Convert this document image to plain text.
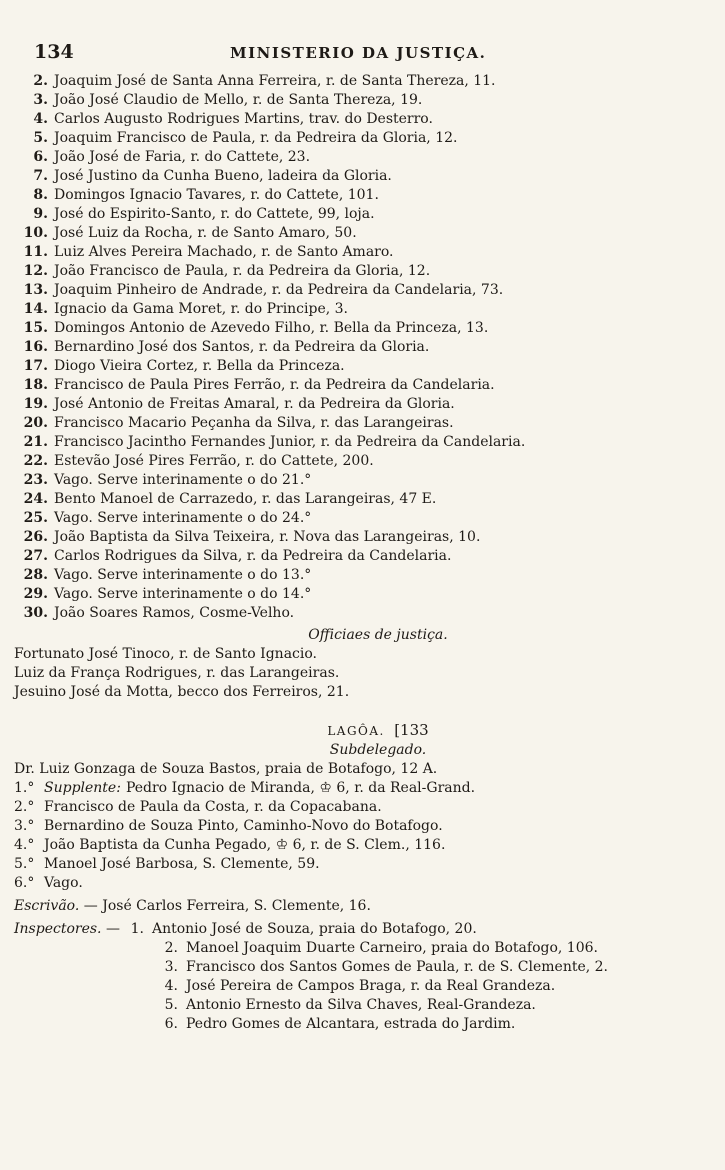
134	MINISTERIO DA JUSTIÇA.
2. Joaquim José de Santa Anna Ferreira, r. de Santa Thereza, 11.
3. João José Claudio de Mello, r. de Santa Thereza, 19.
4. Carlos Augusto Rodrigues Martins, trav. do Desterro.
5. Joaquim Francisco de Paula, r. da Pedreira da Gloria, 12.
6. João José de Faria, r. do Cattete, 23.
7. José Justino da Cunha Bueno, ladeira da Gloria.
8. Domingos Ignacio Tavares, r. do Cattete, 101.
9. José do Espirito-Santo, r. do Cattete, 99, loja.
10. José Luiz da Rocha, r. de Santo Amaro, 50.
11. Luiz Alves Pereira Machado, r. de Santo Amaro.
12. João Francisco de Paula, r. da Pedreira da Gloria, 12.
13. Joaquim Pinheiro de Andrade, r. da Pedreira da Candelaria, 73.
14. Ignacio da Gama Moret, r. do Principe, 3.
15. Domingos Antonio de Azevedo Filho, r. Bella da Princeza, 13.
16. Bernardino José dos Santos, r. da Pedreira da Gloria.
17. Diogo Vieira Cortez, r. Bella da Princeza.
18. Francisco de Paula Pires Ferrão, r. da Pedreira da Candelaria.
19. José Antonio de Freitas Amaral, r. da Pedreira da Gloria.
20. Francisco Macario Peçanha da Silva, r. das Larangeiras.
21. Francisco Jacintho Fernandes Junior, r. da Pedreira da Candelaria.
22. Estevão José Pires Ferrão, r. do Cattete, 200.
23. Vago. Serve interinamente o do 21.°
24. Bento Manoel de Carrazedo, r. das Larangeiras, 47 E.
25. Vago. Serve interinamente o do 24.°
26. João Baptista da Silva Teixeira, r. Nova das Larangeiras, 10.
27. Carlos Rodrigues da Silva, r. da Pedreira da Candelaria.
28. Vago. Serve interinamente o do 13.°
29. Vago. Serve interinamente o do 14.°
30. João Soares Ramos, Cosme-Velho.
Officiaes de justiça.
Fortunato José Tinoco, r. de Santo Ignacio.
Luiz da França Rodrigues, r. das Larangeiras.
Jesuino José da Motta, becco dos Ferreiros, 21.
LAGÔA. [133
Subdelegado.
Dr. Luiz Gonzaga de Souza Bastos, praia de Botafogo, 12 A.
1.° Supplente: Pedro Ignacio de Miranda, ♔ 6, r. da Real-Grand.
2.° Francisco de Paula da Costa, r. da Copacabana.
3.° Bernardino de Souza Pinto, Caminho-Novo do Botafogo.
4.° João Baptista da Cunha Pegado, ♔ 6, r. de S. Clem., 116.
5.° Manoel José Barbosa, S. Clemente, 59.
6.° Vago.
Escrivão. — José Carlos Ferreira, S. Clemente, 16.
Inspectores. — 1. Antonio José de Souza, praia do Botafogo, 20.
2. Manoel Joaquim Duarte Carneiro, praia do Botafogo, 106.
3. Francisco dos Santos Gomes de Paula, r. de S. Clemente, 2.
4. José Pereira de Campos Braga, r. da Real Grandeza.
5. Antonio Ernesto da Silva Chaves, Real-Grandeza.
6. Pedro Gomes de Alcantara, estrada do Jardim.
